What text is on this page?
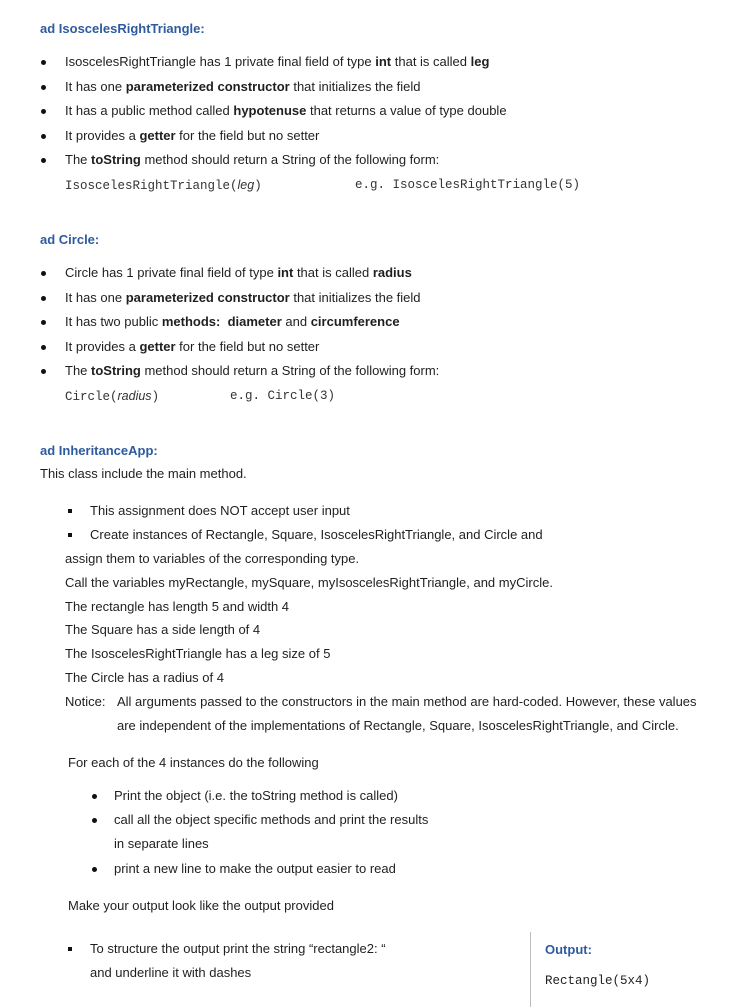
ad IsoscelesRightTriangle:
IsoscelesRightTriangle has 1 private final field of type int that is called leg
It has one parameterized constructor that initializes the field
It has a public method called hypotenuse that returns a value of type double
It provides a getter for the field but no setter
The toString method should return a String of the following form:
IsoscelesRightTriangle(leg)	e.g. IsoscelesRightTriangle(5)
ad Circle:
Circle has 1 private final field of type int that is called radius
It has one parameterized constructor that initializes the field
It has two public methods: diameter and circumference
It provides a getter for the field but no setter
The toString method should return a String of the following form:
Circle(radius)	e.g. Circle(3)
ad InheritanceApp:
This class include the main method.
This assignment does NOT accept user input
Create instances of Rectangle, Square, IsoscelesRightTriangle, and Circle and
assign them to variables of the corresponding type.
Call the variables myRectangle, mySquare, myIsoscelesRightTriangle, and myCircle.
The rectangle has length 5 and width 4
The Square has a side length of 4
The IsoscelesRightTriangle has a leg size of 5
The Circle has a radius of 4
Notice: All arguments passed to the constructors in the main method are hard-coded. However, these values
are independent of the implementations of Rectangle, Square, IsoscelesRightTriangle, and Circle.
For each of the 4 instances do the following
Print the object (i.e. the toString method is called)
call all the object specific methods and print the results
in separate lines
print a new line to make the output easier to read
Make your output look like the output provided
To structure the output print the string “rectangle2: “
and underline it with dashes
Output:
Rectangle(5x4)
